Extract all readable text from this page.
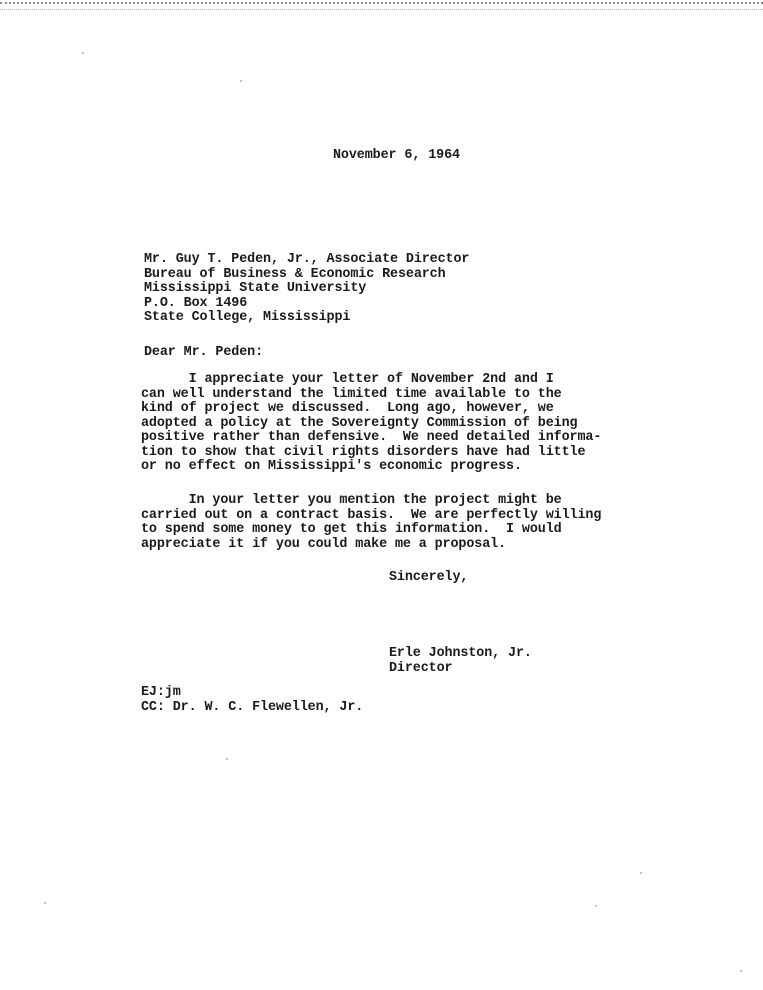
November 6, 1964
Mr. Guy T. Peden, Jr., Associate Director
Bureau of Business & Economic Research
Mississippi State University
P.O. Box 1496
State College, Mississippi
Dear Mr. Peden:
I appreciate your letter of November 2nd and I
can well understand the limited time available to the
kind of project we discussed.  Long ago, however, we
adopted a policy at the Sovereignty Commission of being
positive rather than defensive.  We need detailed informa-
tion to show that civil rights disorders have had little
or no effect on Mississippi's economic progress.
In your letter you mention the project might be
carried out on a contract basis.  We are perfectly willing
to spend some money to get this information.  I would
appreciate it if you could make me a proposal.
Sincerely,
Erle Johnston, Jr.
Director
EJ:jm
CC: Dr. W. C. Flewellen, Jr.
